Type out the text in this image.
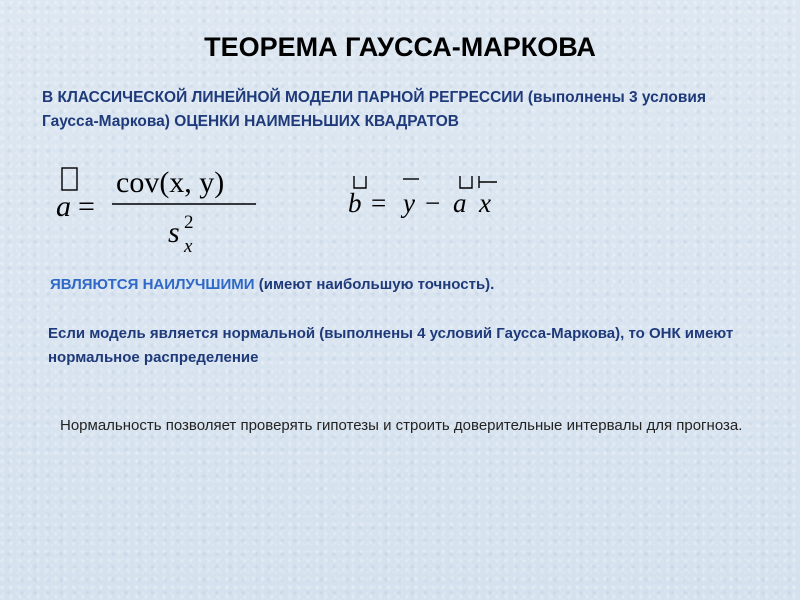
ТЕОРЕМА ГАУССА-МАРКОВА
В КЛАССИЧЕСКОЙ ЛИНЕЙНОЙ МОДЕЛИ ПАРНОЙ РЕГРЕССИИ (выполнены 3 условия Гаусса-Маркова) ОЦЕНКИ НАИМЕНЬШИХ КВАДРАТОВ
a =
cov(x, y)
s 2
x
b = y − a x
ЯВЛЯЮТСЯ НАИЛУЧШИМИ (имеют наибольшую точность).
Если модель является нормальной (выполнены 4 условий Гаусса-Маркова), то ОНК имеют нормальное распределение
Нормальность позволяет проверять гипотезы и строить доверительные интервалы для прогноза.
